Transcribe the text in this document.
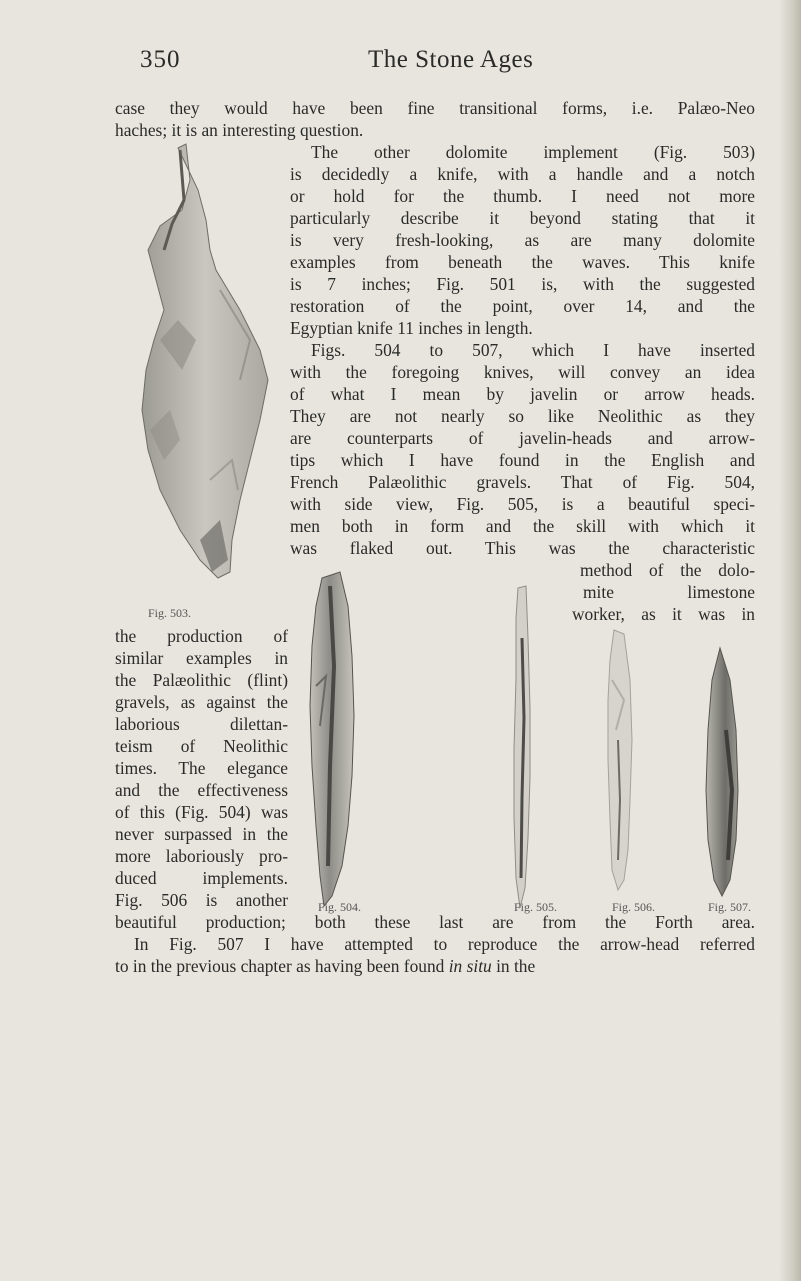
350	The Stone Ages

case they would have been fine transitional forms, i.e. Palæo-Neo

haches; it is an interesting question.

The other dolomite implement (Fig. 503)

is decidedly a knife, with a handle and a notch

or hold for the thumb. I need not more

particularly describe it beyond stating that it

is very fresh-looking, as are many dolomite

examples from beneath the waves. This knife

is 7 inches; Fig. 501 is, with the suggested

restoration of the point, over 14, and the

Egyptian knife 11 inches in length.

Figs. 504 to 507, which I have inserted

with the foregoing knives, will convey an idea

of what I mean by javelin or arrow heads.

They are not nearly so like Neolithic as they

are counterparts of javelin-heads and arrow-

tips which I have found in the English and

French Palæolithic gravels. That of Fig. 504,

with side view, Fig. 505, is a beautiful speci-

men both in form and the skill with which it

was flaked out. This was the characteristic

method of the dolo-

mite limestone

worker, as it was in

the production of

similar examples in

the Palæolithic (flint)

gravels, as against the

laborious dilettan-

teism of Neolithic

times. The elegance

and the effectiveness

of this (Fig. 504) was

never surpassed in the

more laboriously pro-

duced implements.

Fig. 506 is another

beautiful production; both these last are from the Forth area.

In Fig. 507 I have attempted to reproduce the arrow-head referred

to in the previous chapter as having been found in situ in the

Fig. 503.
Fig. 504.	Fig. 505.	Fig. 506.	Fig. 507.
